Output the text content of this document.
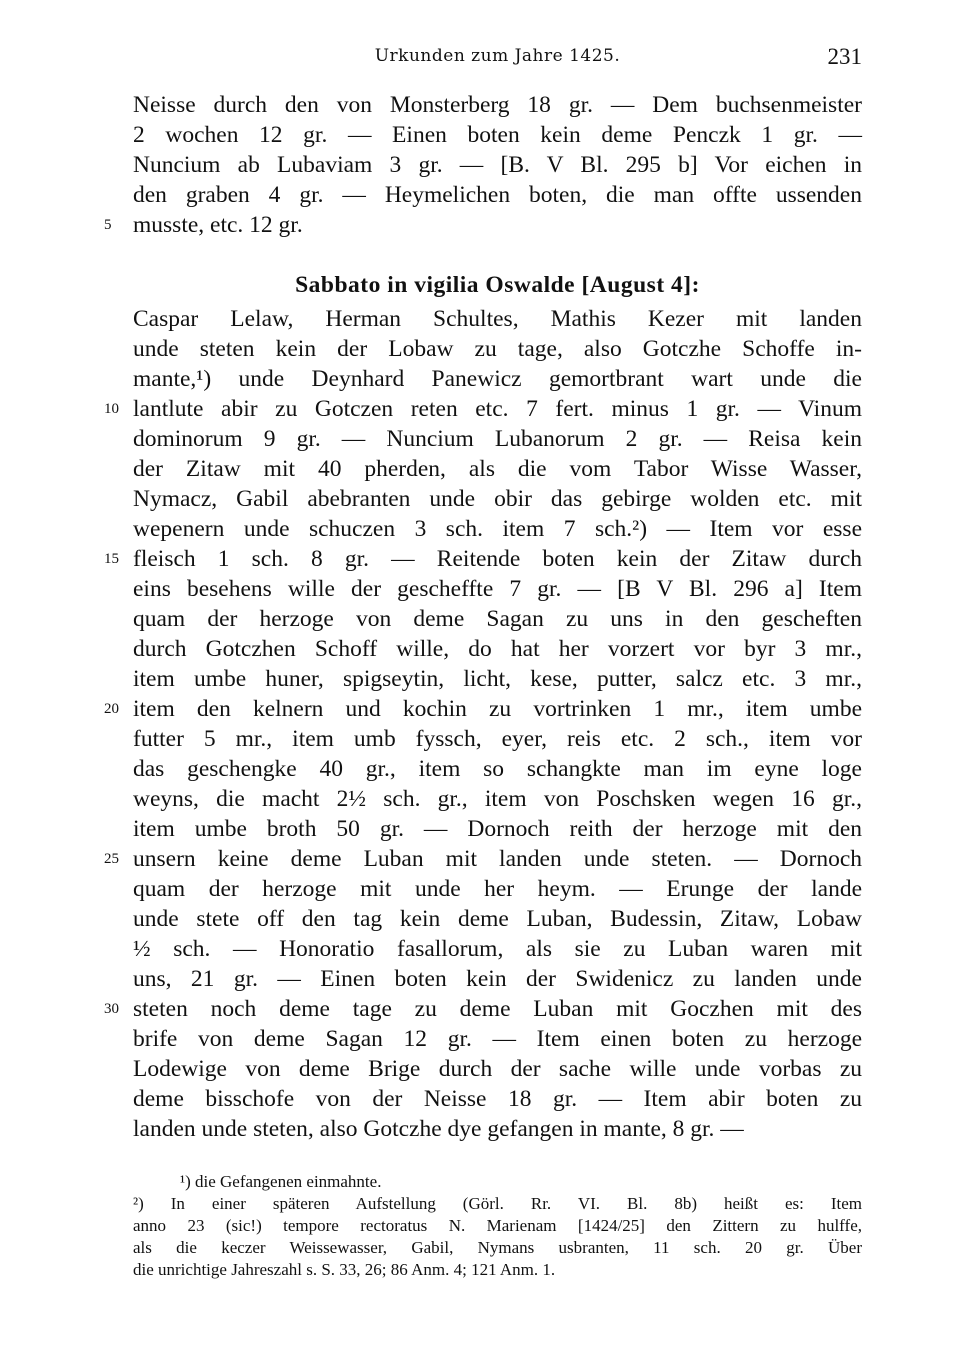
Urkunden zum Jahre 1425.	231
Neisse durch den von Monsterberg 18 gr. — Dem buchsenmeister
2 wochen 12 gr. — Einen boten kein deme Penczk 1 gr. —
Nuncium ab Lubaviam 3 gr. — [B. V Bl. 295 b] Vor eichen in
den graben 4 gr. — Heymelichen boten, die man offte ussenden
musste, etc. 12 gr.
Caspar Lelaw, Herman Schultes, Mathis Kezer mit landen
unde steten kein der Lobaw zu tage, also Gotczhe Schoffe in-
mante,¹) unde Deynhard Panewicz gemortbrant wart unde die
lantlute abir zu Gotczen reten etc. 7 fert. minus 1 gr. — Vinum
dominorum 9 gr. — Nuncium Lubanorum 2 gr. — Reisa kein
der Zitaw mit 40 pherden, als die vom Tabor Wisse Wasser,
Nymacz, Gabil abebranten unde obir das gebirge wolden etc. mit
wepenern unde schuczen 3 sch. item 7 sch.²) — Item vor esse
fleisch 1 sch. 8 gr. — Reitende boten kein der Zitaw durch
eins besehens wille der gescheffte 7 gr. — [B V Bl. 296 a] Item
quam der herzoge von deme Sagan zu uns in den gescheften
durch Gotczhen Schoff wille, do hat her vorzert vor byr 3 mr.,
item umbe huner, spigseytin, licht, kese, putter, salcz etc. 3 mr.,
item den kelnern und kochin zu vortrinken 1 mr., item umbe
futter 5 mr., item umb fyssch, eyer, reis etc. 2 sch., item vor
das geschengke 40 gr., item so schangkte man im eyne loge
weyns, die macht 2½ sch. gr., item von Poschsken wegen 16 gr.,
item umbe broth 50 gr. — Dornoch reith der herzoge mit den
unsern keine deme Luban mit landen unde steten. — Dornoch
quam der herzoge mit unde her heym. — Erunge der lande
unde stete off den tag kein deme Luban, Budessin, Zitaw, Lobaw
½ sch. — Honoratio fasallorum, als sie zu Luban waren mit
uns, 21 gr. — Einen boten kein der Swidenicz zu landen unde
steten noch deme tage zu deme Luban mit Goczhen mit des
brife von deme Sagan 12 gr. — Item einen boten zu herzoge
Lodewige von deme Brige durch der sache wille unde vorbas zu
deme bisschofe von der Neisse 18 gr. — Item abir boten zu
landen unde steten, also Gotczhe dye gefangen in mante, 8 gr. —
Sabbato in vigilia Oswalde [August 4]:
5
10
15
20
25
30
¹) die Gefangenen einmahnte.
²) In einer späteren Aufstellung (Görl. Rr. VI. Bl. 8b) heißt es: Item
anno 23 (sic!) tempore rectoratus N. Marienam [1424/25] den Zittern zu hulffe,
als die keczer Weissewasser, Gabil, Nymans usbranten, 11 sch. 20 gr. Über
die unrichtige Jahreszahl s. S. 33, 26; 86 Anm. 4; 121 Anm. 1.
